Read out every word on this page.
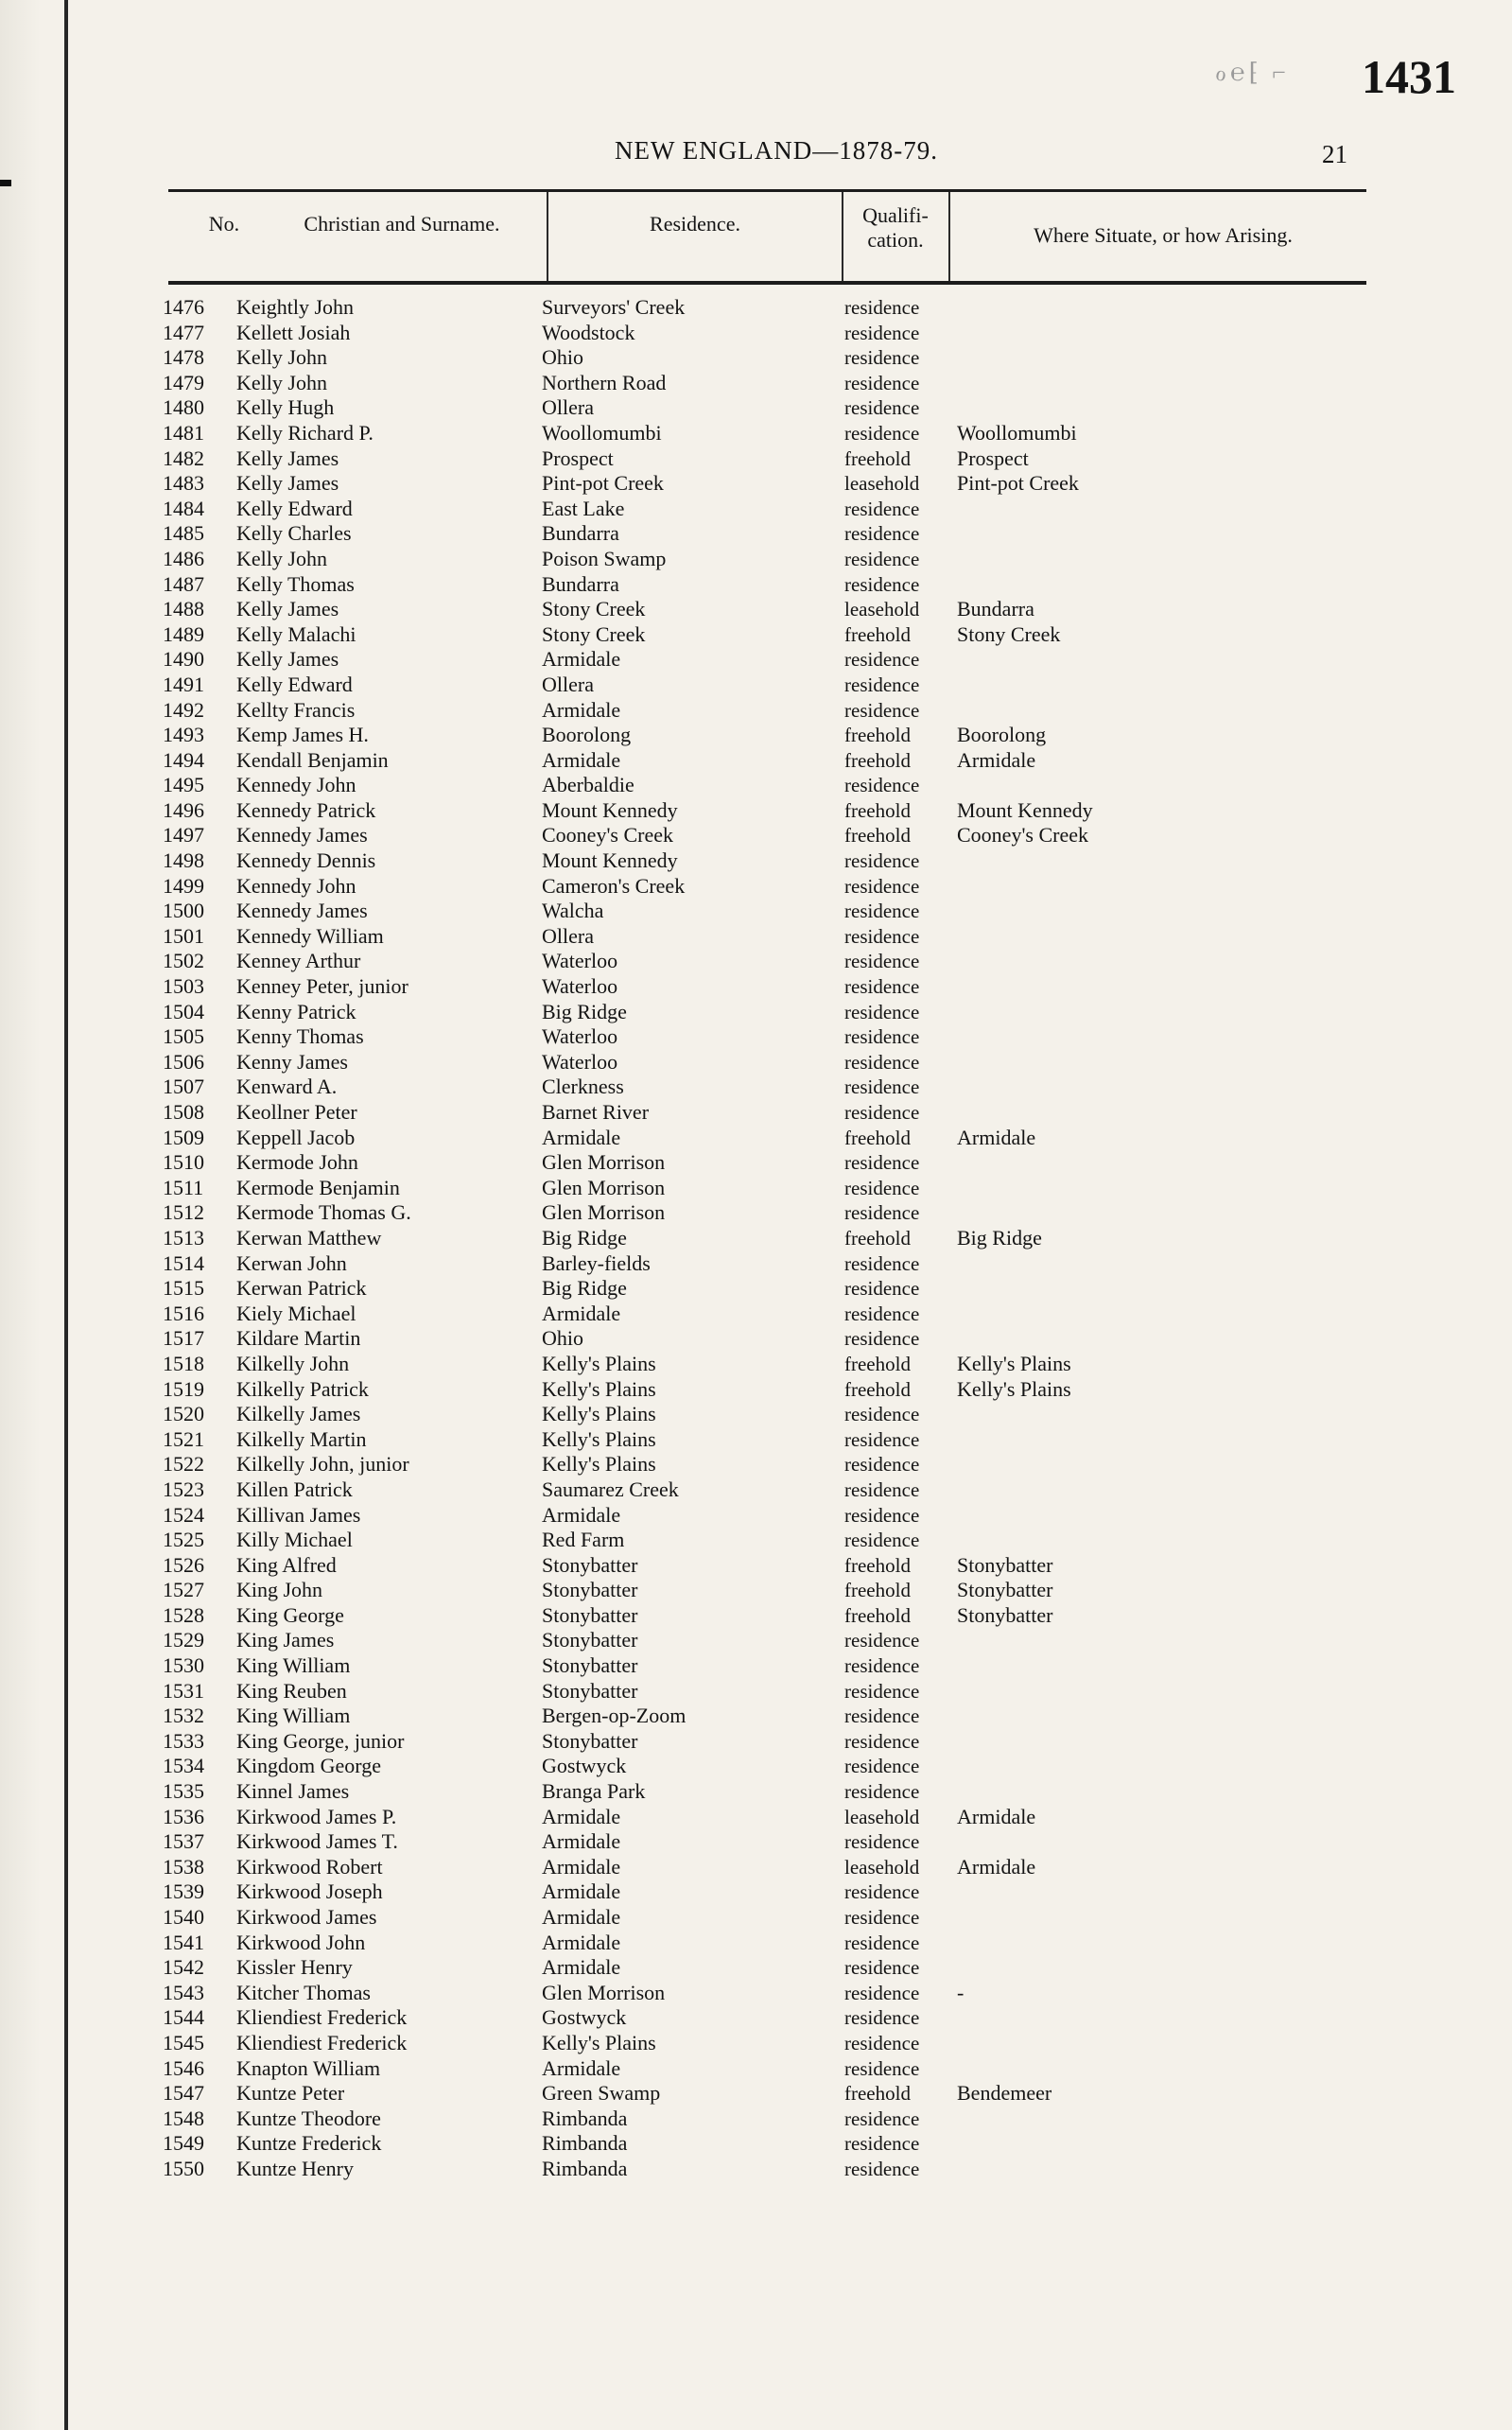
ℴ℮⁅ ⌐ 1431
NEW ENGLAND—1878-79.	21
No.	Christian and Surname.	Residence.	Qualifi-
cation.	Where Situate, or how Arising.
1476	Keightly John	Surveyors' Creek	residence
1477	Kellett Josiah	Woodstock	residence
1478	Kelly John	Ohio	residence
1479	Kelly John	Northern Road	residence
1480	Kelly Hugh	Ollera	residence
1481	Kelly Richard P.	Woollomumbi	residence Woollomumbi
1482	Kelly James	Prospect	freehold Prospect
1483	Kelly James	Pint-pot Creek	leasehold Pint-pot Creek
1484	Kelly Edward	East Lake	residence
1485	Kelly Charles	Bundarra	residence
1486	Kelly John	Poison Swamp	residence
1487	Kelly Thomas	Bundarra	residence
1488	Kelly James	Stony Creek	leasehold Bundarra
1489	Kelly Malachi	Stony Creek	freehold Stony Creek
1490	Kelly James	Armidale	residence
1491	Kelly Edward	Ollera	residence
1492	Kellty Francis	Armidale	residence
1493	Kemp James H.	Boorolong	freehold Boorolong
1494	Kendall Benjamin	Armidale	freehold Armidale
1495	Kennedy John	Aberbaldie	residence
1496	Kennedy Patrick	Mount Kennedy	freehold Mount Kennedy
1497	Kennedy James	Cooney's Creek	freehold Cooney's Creek
1498	Kennedy Dennis	Mount Kennedy	residence
1499	Kennedy John	Cameron's Creek	residence
1500	Kennedy James	Walcha	residence
1501	Kennedy William	Ollera	residence
1502	Kenney Arthur	Waterloo	residence
1503	Kenney Peter, junior	Waterloo	residence
1504	Kenny Patrick	Big Ridge	residence
1505	Kenny Thomas	Waterloo	residence
1506	Kenny James	Waterloo	residence
1507	Kenward A.	Clerkness	residence
1508	Keollner Peter	Barnet River	residence
1509	Keppell Jacob	Armidale	freehold Armidale
1510	Kermode John	Glen Morrison	residence
1511	Kermode Benjamin	Glen Morrison	residence
1512	Kermode Thomas G.	Glen Morrison	residence
1513	Kerwan Matthew	Big Ridge	freehold Big Ridge
1514	Kerwan John	Barley-fields	residence
1515	Kerwan Patrick	Big Ridge	residence
1516	Kiely Michael	Armidale	residence
1517	Kildare Martin	Ohio	residence
1518	Kilkelly John	Kelly's Plains	freehold Kelly's Plains
1519	Kilkelly Patrick	Kelly's Plains	freehold Kelly's Plains
1520	Kilkelly James	Kelly's Plains	residence
1521	Kilkelly Martin	Kelly's Plains	residence
1522	Kilkelly John, junior	Kelly's Plains	residence
1523	Killen Patrick	Saumarez Creek	residence
1524	Killivan James	Armidale	residence
1525	Killy Michael	Red Farm	residence
1526	King Alfred	Stonybatter	freehold Stonybatter
1527	King John	Stonybatter	freehold Stonybatter
1528	King George	Stonybatter	freehold Stonybatter
1529	King James	Stonybatter	residence
1530	King William	Stonybatter	residence
1531	King Reuben	Stonybatter	residence
1532	King William	Bergen-op-Zoom	residence
1533	King George, junior	Stonybatter	residence
1534	Kingdom George	Gostwyck	residence
1535	Kinnel James	Branga Park	residence
1536	Kirkwood James P.	Armidale	leasehold Armidale
1537	Kirkwood James T.	Armidale	residence
1538	Kirkwood Robert	Armidale	leasehold Armidale
1539	Kirkwood Joseph	Armidale	residence
1540	Kirkwood James	Armidale	residence
1541	Kirkwood John	Armidale	residence
1542	Kissler Henry	Armidale	residence
1543	Kitcher Thomas	Glen Morrison	residence -
1544	Kliendiest Frederick	Gostwyck	residence
1545	Kliendiest Frederick	Kelly's Plains	residence
1546	Knapton William	Armidale	residence
1547	Kuntze Peter	Green Swamp	freehold Bendemeer
1548	Kuntze Theodore	Rimbanda	residence
1549	Kuntze Frederick	Rimbanda	residence
1550	Kuntze Henry	Rimbanda	residence
